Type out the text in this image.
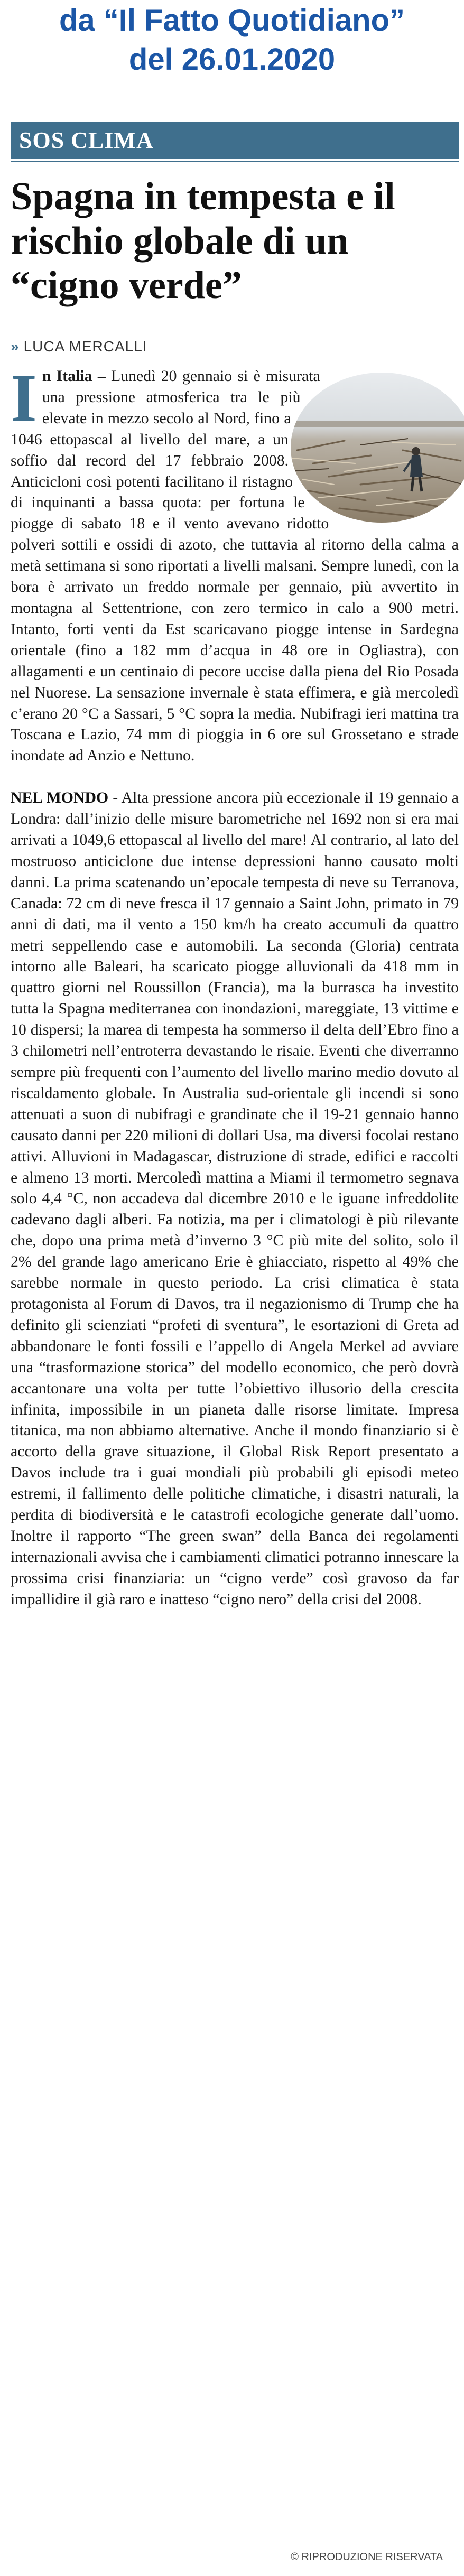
da “Il Fatto Quotidiano”
del 26.01.2020
SOS CLIMA
Spagna in tempesta e il rischio globale di un “cigno verde”
» LUCA MERCALLI

I n Italia – Lunedì 20 gennaio si è misurata una pressione atmosferica tra le più elevate in mezzo secolo al Nord, fino a 1046 ettopascal al livello del mare, a un soffio dal record del 17 febbraio 2008. Anticicloni così potenti facilitano il ristagno di inquinanti a bassa quota: per fortuna le piogge di sabato 18 e il vento avevano ridotto polveri sottili e ossidi di azoto, che tuttavia al ritorno della calma a metà settimana si sono riportati a livelli malsani. Sempre lunedì, con la bora è arrivato un freddo normale per gennaio, più avvertito in montagna al Settentrione, con zero termico in calo a 900 metri. Intanto, forti venti da Est scaricavano piogge intense in Sardegna orientale (fino a 182 mm d’acqua in 48 ore in Ogliastra), con allagamenti e un centinaio di pecore uccise dalla piena del Rio Posada nel Nuorese. La sensazione invernale è stata effimera, e già mercoledì c’erano 20 °C a Sassari, 5 °C sopra la media. Nubifragi ieri mattina tra Toscana e Lazio, 74 mm di pioggia in 6 ore sul Grossetano e strade inondate ad Anzio e Nettuno.

NEL MONDO - Alta pressione ancora più eccezionale il 19 gennaio a Londra: dall’inizio delle misure barometriche nel 1692 non si era mai arrivati a 1049,6 ettopascal al livello del mare! Al contrario, al lato del mostruoso anticiclone due intense depressioni hanno causato molti danni. La prima scatenando un’epocale tempesta di neve su Terranova, Canada: 72 cm di neve fresca il 17 gennaio a Saint John, primato in 79 anni di dati, ma il vento a 150 km/h ha creato accumuli da quattro metri seppellendo case e automobili. La seconda (Gloria) centrata intorno alle Baleari, ha scaricato piogge alluvionali da 418 mm in quattro giorni nel Roussillon (Francia), ma la burrasca ha investito tutta la Spagna mediterranea con inondazioni, mareggiate, 13 vittime e 10 dispersi; la marea di tempesta ha sommerso il delta dell’Ebro fino a 3 chilometri nell’entroterra devastando le risaie. Eventi che diverranno sempre più frequenti con l’aumento del livello marino medio dovuto al riscaldamento globale. In Australia sud-orientale gli incendi si sono attenuati a suon di nubifragi e grandinate che il 19-21 gennaio hanno causato danni per 220 milioni di dollari Usa, ma diversi focolai restano attivi. Alluvioni in Madagascar, distruzione di strade, edifici e raccolti e almeno 13 morti. Mercoledì mattina a Miami il termometro segnava solo 4,4 °C, non accadeva dal dicembre 2010 e le iguane infreddolite cadevano dagli alberi. Fa notizia, ma per i climatologi è più rilevante che, dopo una prima metà d’inverno 3 °C più mite del solito, solo il 2% del grande lago americano Erie è ghiacciato, rispetto al 49% che sarebbe normale in questo periodo. La crisi climatica è stata protagonista al Forum di Davos, tra il negazionismo di Trump che ha definito gli scienziati “profeti di sventura”, le esortazioni di Greta ad abbandonare le fonti fossili e l’appello di Angela Merkel ad avviare una “trasformazione storica” del modello economico, che però dovrà accantonare una volta per tutte l’obiettivo illusorio della crescita infinita, impossibile in un pianeta dalle risorse limitate. Impresa titanica, ma non abbiamo alternative. Anche il mondo finanziario si è accorto della grave situazione, il Global Risk Report presentato a Davos include tra i guai mondiali più probabili gli episodi meteo estremi, il fallimento delle politiche climatiche, i disastri naturali, la perdita di biodiversità e le catastrofi ecologiche generate dall’uomo. Inoltre il rapporto “The green swan” della Banca dei regolamenti internazionali avvisa che i cambiamenti climatici potranno innescare la prossima crisi finanziaria: un “cigno verde” così gravoso da far impallidire il già raro e inatteso “cigno nero” della crisi del 2008.

© RIPRODUZIONE RISERVATA
